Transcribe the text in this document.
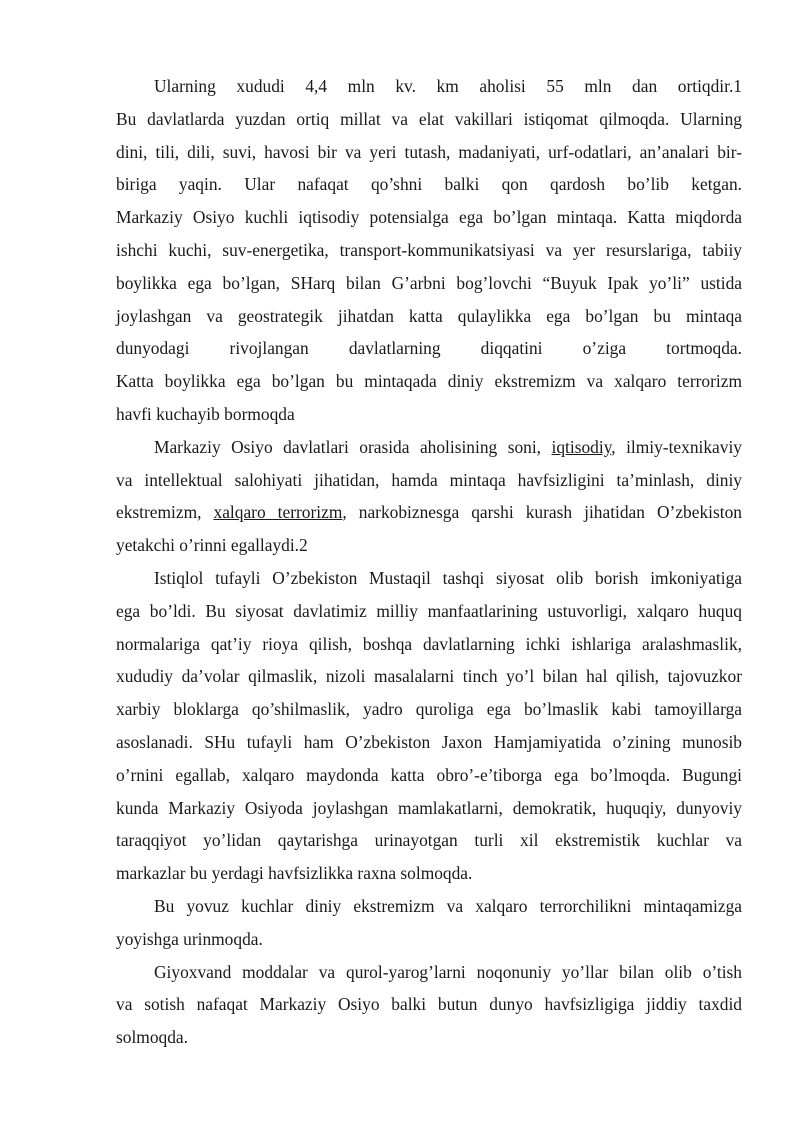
Ularning xududi 4,4 mln kv. km aholisi 55 mln dan ortiqdir.1
Bu davlatlarda yuzdan ortiq millat va elat vakillari istiqomat qilmoqda. Ularning
dini, tili, dili, suvi, havosi bir va yeri tutash, madaniyati, urf-odatlari, an’analari bir-
biriga yaqin. Ular nafaqat qo’shni balki qon qardosh bo’lib ketgan.
Markaziy Osiyo kuchli iqtisodiy potensialga ega bo’lgan mintaqa. Katta miqdorda
ishchi kuchi, suv-energetika, transport-kommunikatsiyasi va yer resurslariga, tabiiy
boylikka ega bo’lgan, SHarq bilan G’arbni bog’lovchi “Buyuk Ipak yo’li” ustida
joylashgan va geostrategik jihatdan katta qulaylikka ega bo’lgan bu mintaqa
dunyodagi rivojlangan davlatlarning diqqatini o’ziga tortmoqda.
Katta boylikka ega bo’lgan bu mintaqada diniy ekstremizm va xalqaro terrorizm
havfi kuchayib bormoqda

Markaziy Osiyo davlatlari orasida aholisining soni, iqtisodiy, ilmiy-texnikaviy
va intellektual salohiyati jihatidan, hamda mintaqa havfsizligini ta’minlash, diniy
ekstremizm, xalqaro terrorizm, narkobiznesga qarshi kurash jihatidan O’zbekiston
yetakchi o’rinni egallaydi.2

Istiqlol tufayli O’zbekiston Mustaqil tashqi siyosat olib borish imkoniyatiga
ega bo’ldi. Bu siyosat davlatimiz milliy manfaatlarining ustuvorligi, xalqaro huquq
normalariga qat’iy rioya qilish, boshqa davlatlarning ichki ishlariga aralashmaslik,
xududiy da’volar qilmaslik, nizoli masalalarni tinch yo’l bilan hal qilish, tajovuzkor
xarbiy bloklarga qo’shilmaslik, yadro quroliga ega bo’lmaslik kabi tamoyillarga
asoslanadi. SHu tufayli ham O’zbekiston Jaxon Hamjamiyatida o’zining munosib
o’rnini egallab, xalqaro maydonda katta obro’-e’tiborga ega bo’lmoqda. Bugungi
kunda Markaziy Osiyoda joylashgan mamlakatlarni, demokratik, huquqiy, dunyoviy
taraqqiyot yo’lidan qaytarishga urinayotgan turli xil ekstremistik kuchlar va
markazlar bu yerdagi havfsizlikka raxna solmoqda.

Bu yovuz kuchlar diniy ekstremizm va xalqaro terrorchilikni mintaqamizga
yoyishga urinmoqda.

Giyoxvand moddalar va qurol-yarog’larni noqonuniy yo’llar bilan olib o’tish
va sotish nafaqat Markaziy Osiyo balki butun dunyo havfsizligiga jiddiy taxdid
solmoqda.
